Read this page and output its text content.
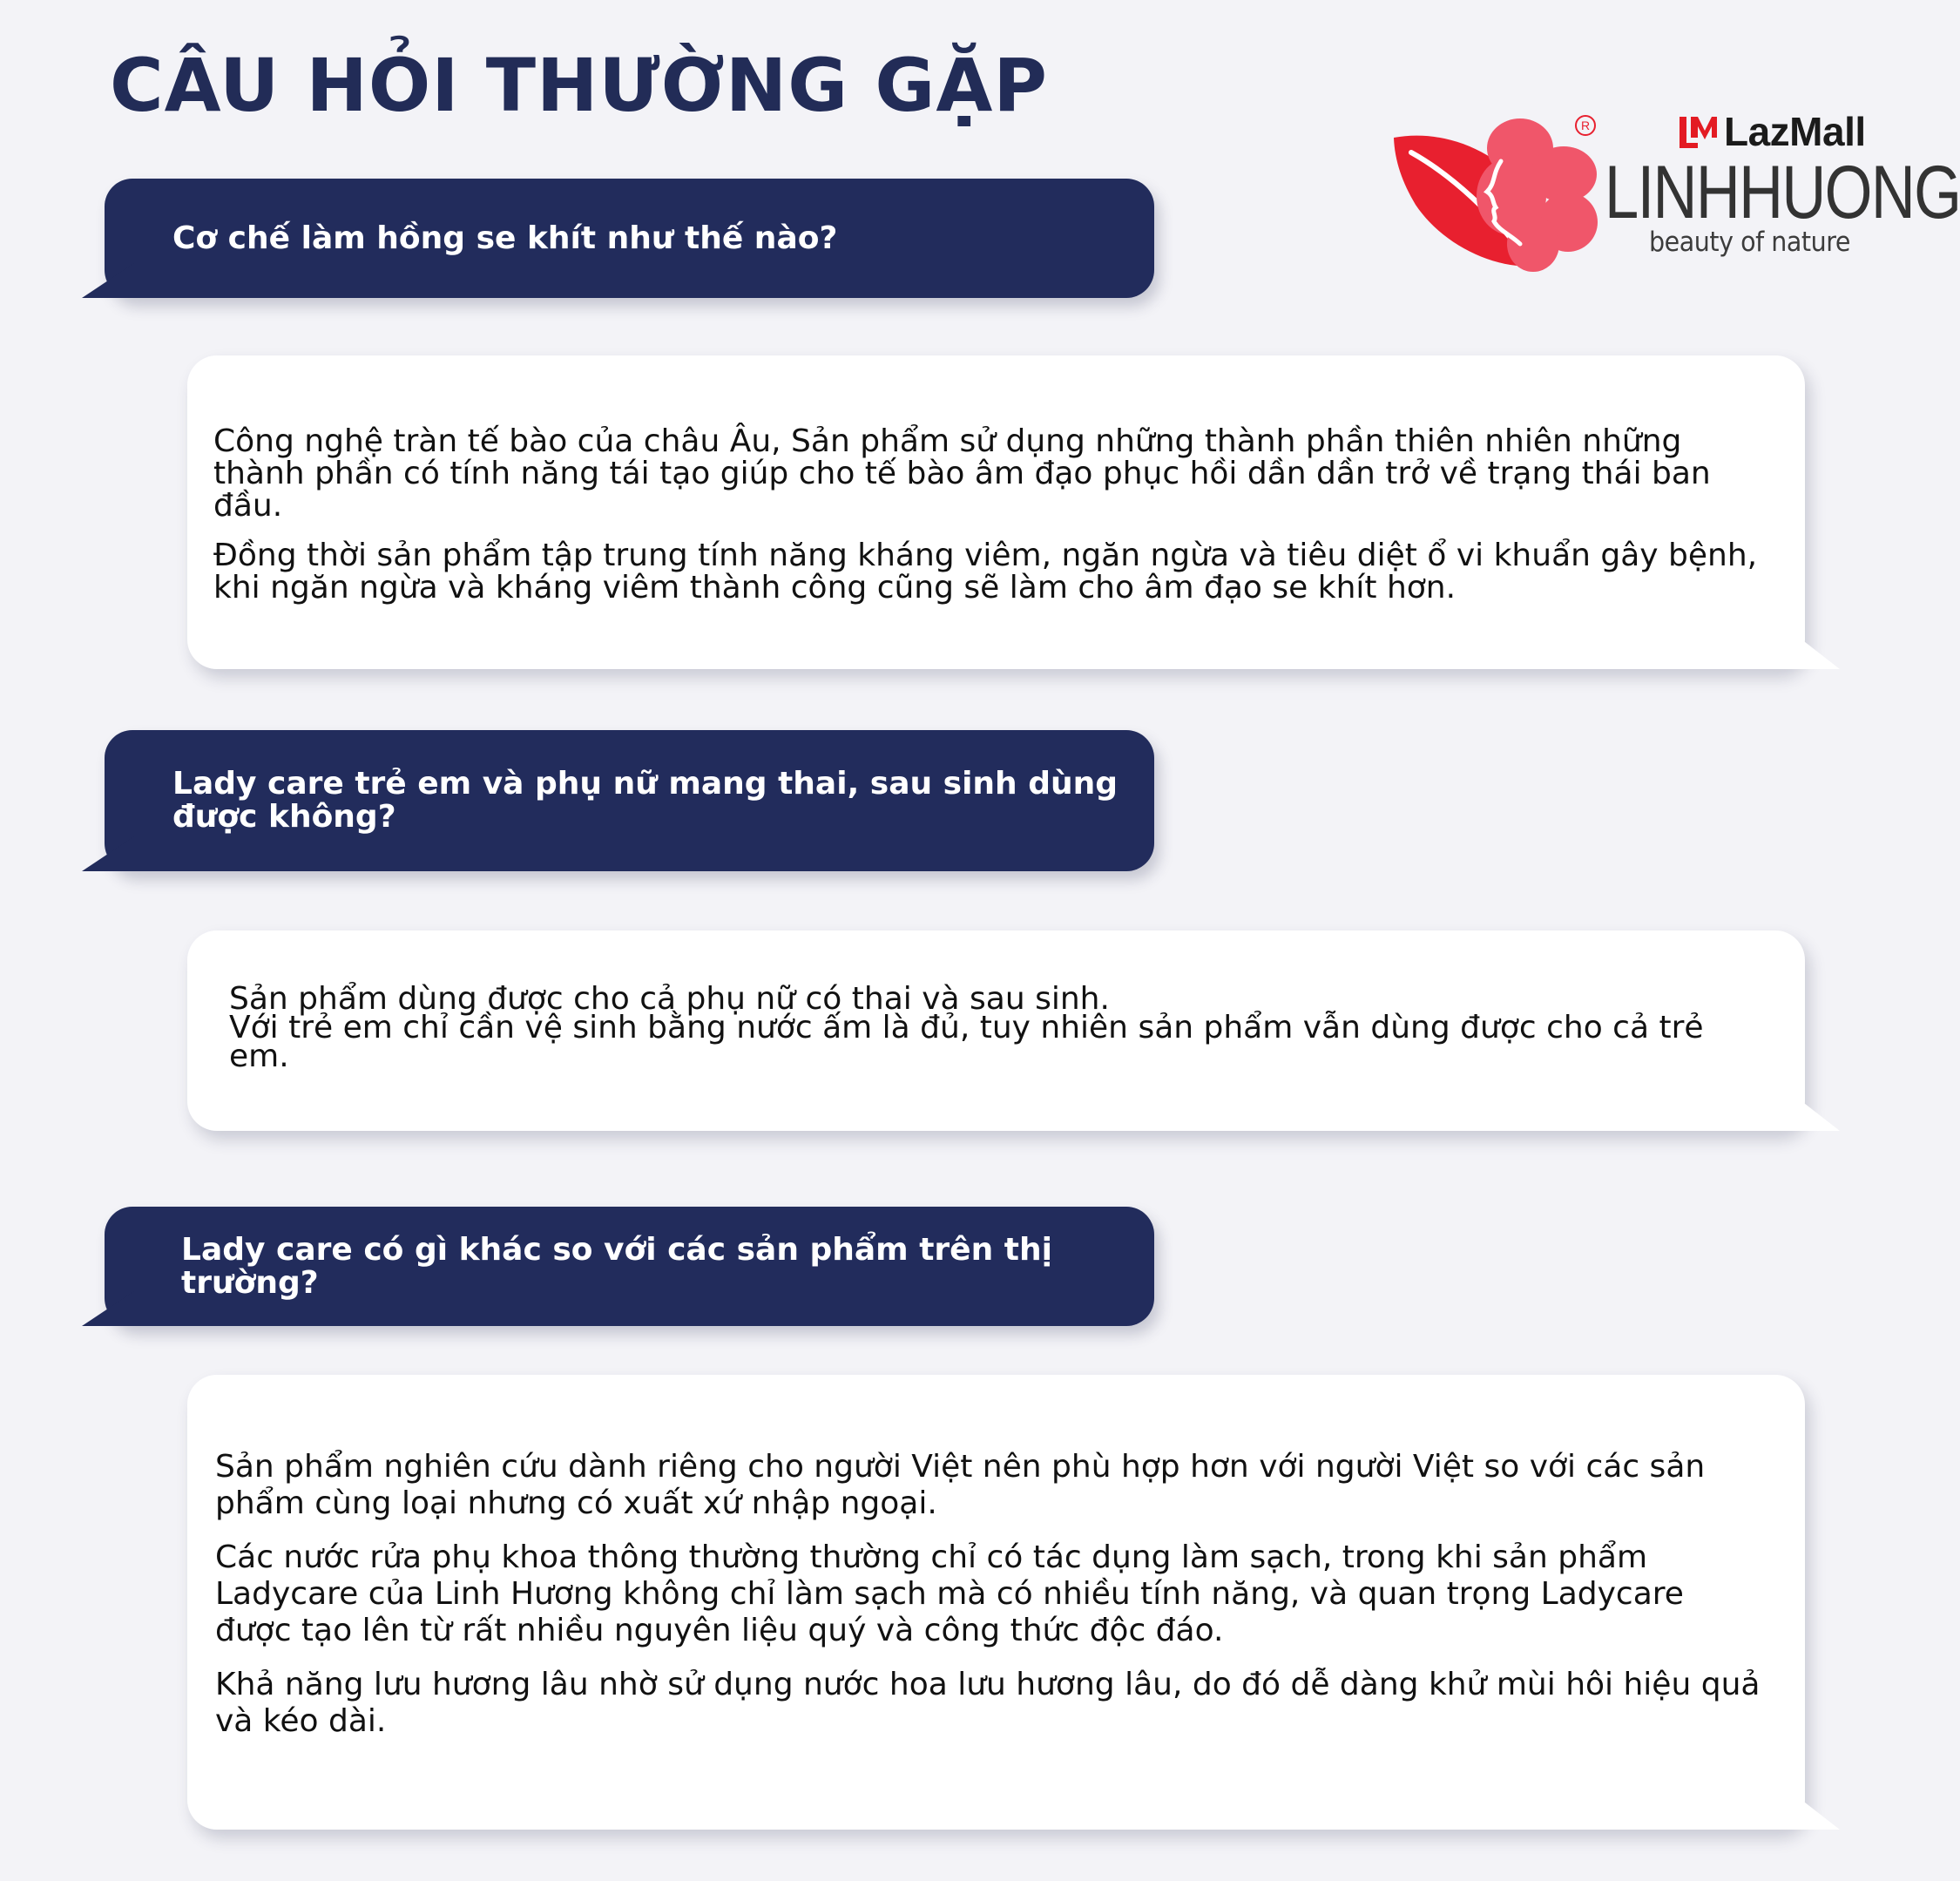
CÂU HỎI THƯỜNG GẶP	R	LazMall
LINHHUONG
beauty of nature

Cơ chế làm hồng se khít như thế nào?

Công nghệ tràn tế bào của châu Âu, Sản phẩm sử dụng những thành phần thiên nhiên những thành phần có tính năng tái tạo giúp cho tế bào âm đạo phục hồi dần dần trở về trạng thái ban đầu.

Đồng thời sản phẩm tập trung tính năng kháng viêm, ngăn ngừa và tiêu diệt ổ vi khuẩn gây bệnh, khi ngăn ngừa và kháng viêm thành công cũng sẽ làm cho âm đạo se khít hơn.

Lady care trẻ em và phụ nữ mang thai, sau sinh dùng được không?

Sản phẩm dùng được cho cả phụ nữ có thai và sau sinh.

Với trẻ em chỉ cần vệ sinh bằng nước ấm là đủ, tuy nhiên sản phẩm vẫn dùng được cho cả trẻ em.

Lady care có gì khác so với các sản phẩm trên thị trường?

Sản phẩm nghiên cứu dành riêng cho người Việt nên phù hợp hơn với người Việt so với các sản phẩm cùng loại nhưng có xuất xứ nhập ngoại.

Các nước rửa phụ khoa thông thường thường chỉ có tác dụng làm sạch, trong khi sản phẩm Ladycare của Linh Hương không chỉ làm sạch mà có nhiều tính năng, và quan trọng Ladycare được tạo lên từ rất nhiều nguyên liệu quý và công thức độc đáo.

Khả năng lưu hương lâu nhờ sử dụng nước hoa lưu hương lâu, do đó dễ dàng khử mùi hôi hiệu quả và kéo dài.
